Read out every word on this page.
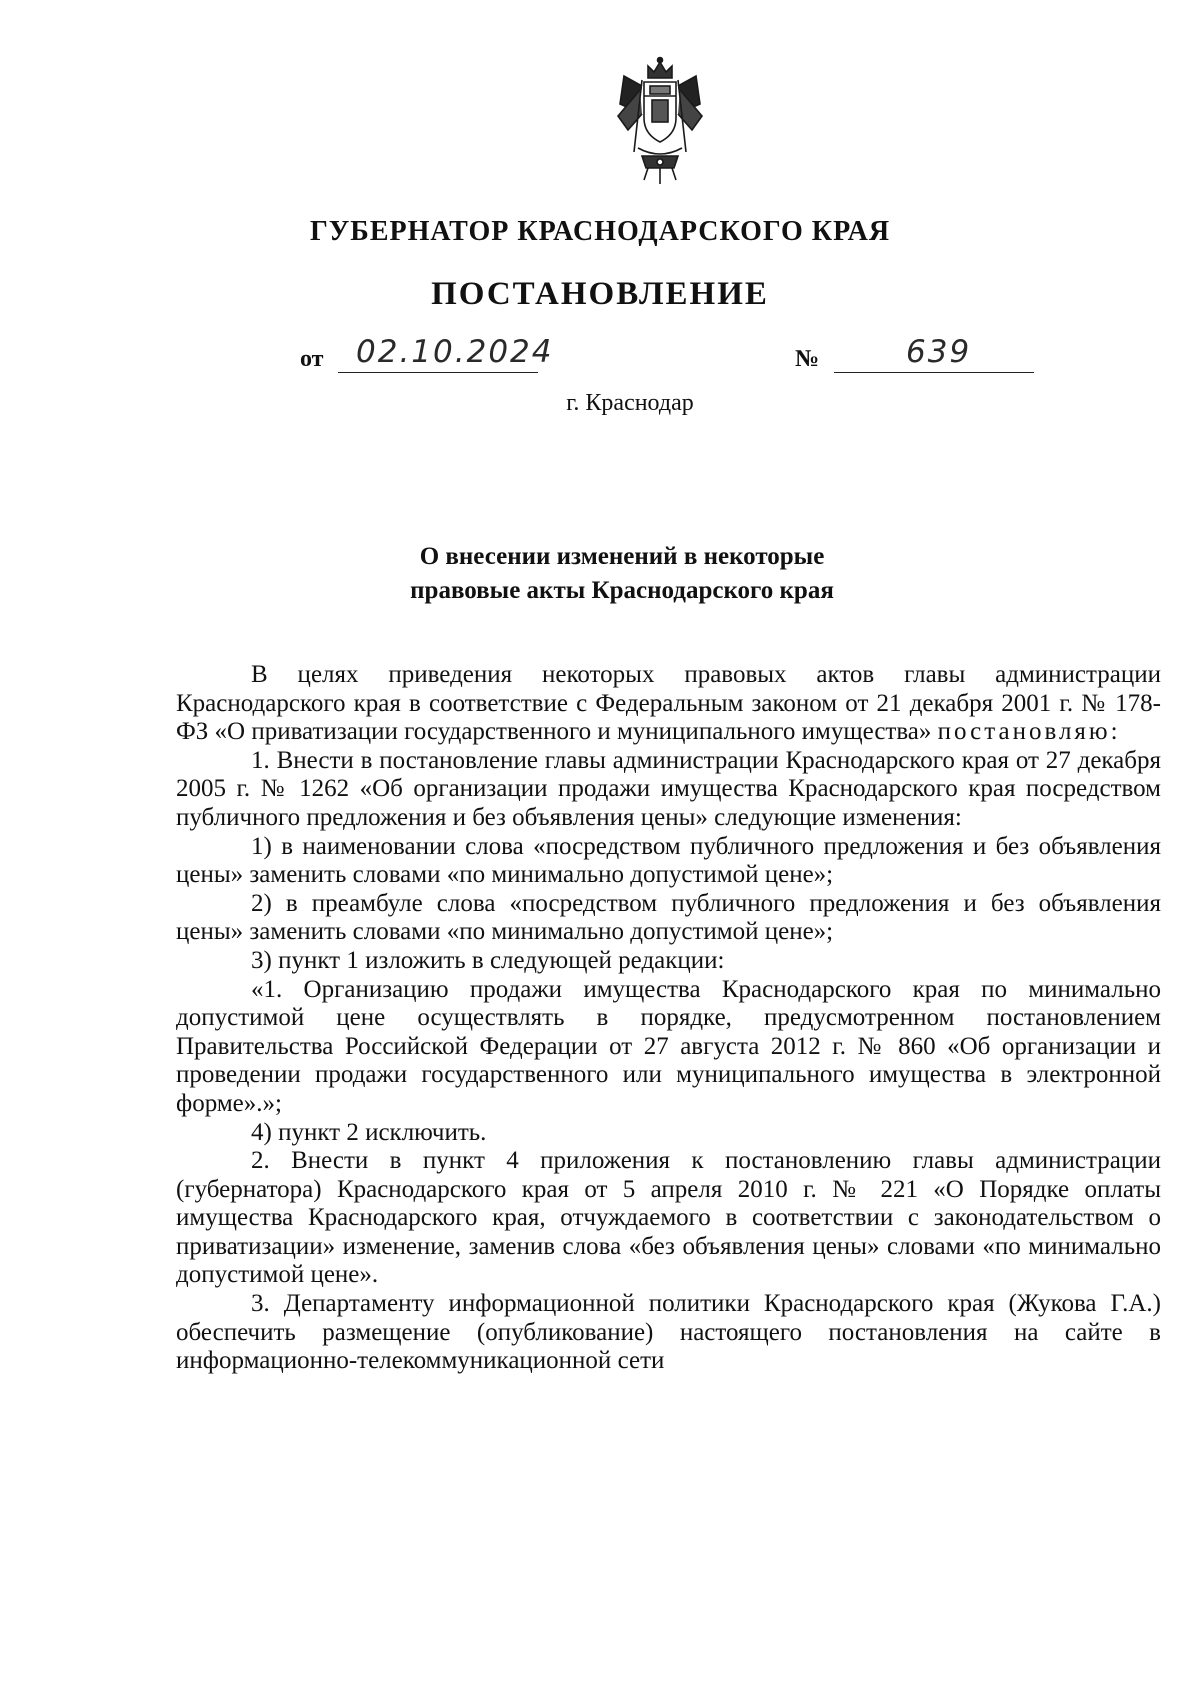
ГУБЕРНАТОР КРАСНОДАРСКОГО КРАЯ
ПОСТАНОВЛЕНИЕ
от 02.10.2024	№	639
г. Краснодар
О внесении изменений в некоторые
правовые акты Краснодарского края

В целях приведения некоторых правовых актов главы администрации Краснодарского края в соответствие с Федеральным законом от 21 декабря 2001 г. № 178-ФЗ «О приватизации государственного и муниципального имущества» постановляю:

1. Внести в постановление главы администрации Краснодарского края от 27 декабря 2005 г. № 1262 «Об организации продажи имущества Краснодарского края посредством публичного предложения и без объявления цены» следующие изменения:

1) в наименовании слова «посредством публичного предложения и без объявления цены» заменить словами «по минимально допустимой цене»;

2) в преамбуле слова «посредством публичного предложения и без объявления цены» заменить словами «по минимально допустимой цене»;

3) пункт 1 изложить в следующей редакции:

«1. Организацию продажи имущества Краснодарского края по минимально допустимой цене осуществлять в порядке, предусмотренном постановлением Правительства Российской Федерации от 27 августа 2012 г. № 860 «Об организации и проведении продажи государственного или муниципального имущества в электронной форме».»;

4) пункт 2 исключить.

2. Внести в пункт 4 приложения к постановлению главы администрации (губернатора) Краснодарского края от 5 апреля 2010 г. № 221 «О Порядке оплаты имущества Краснодарского края, отчуждаемого в соответствии с законодательством о приватизации» изменение, заменив слова «без объявления цены» словами «по минимально допустимой цене».

3. Департаменту информационной политики Краснодарского края (Жукова Г.А.) обеспечить размещение (опубликование) настоящего постановления на сайте в информационно-телекоммуникационной сети
